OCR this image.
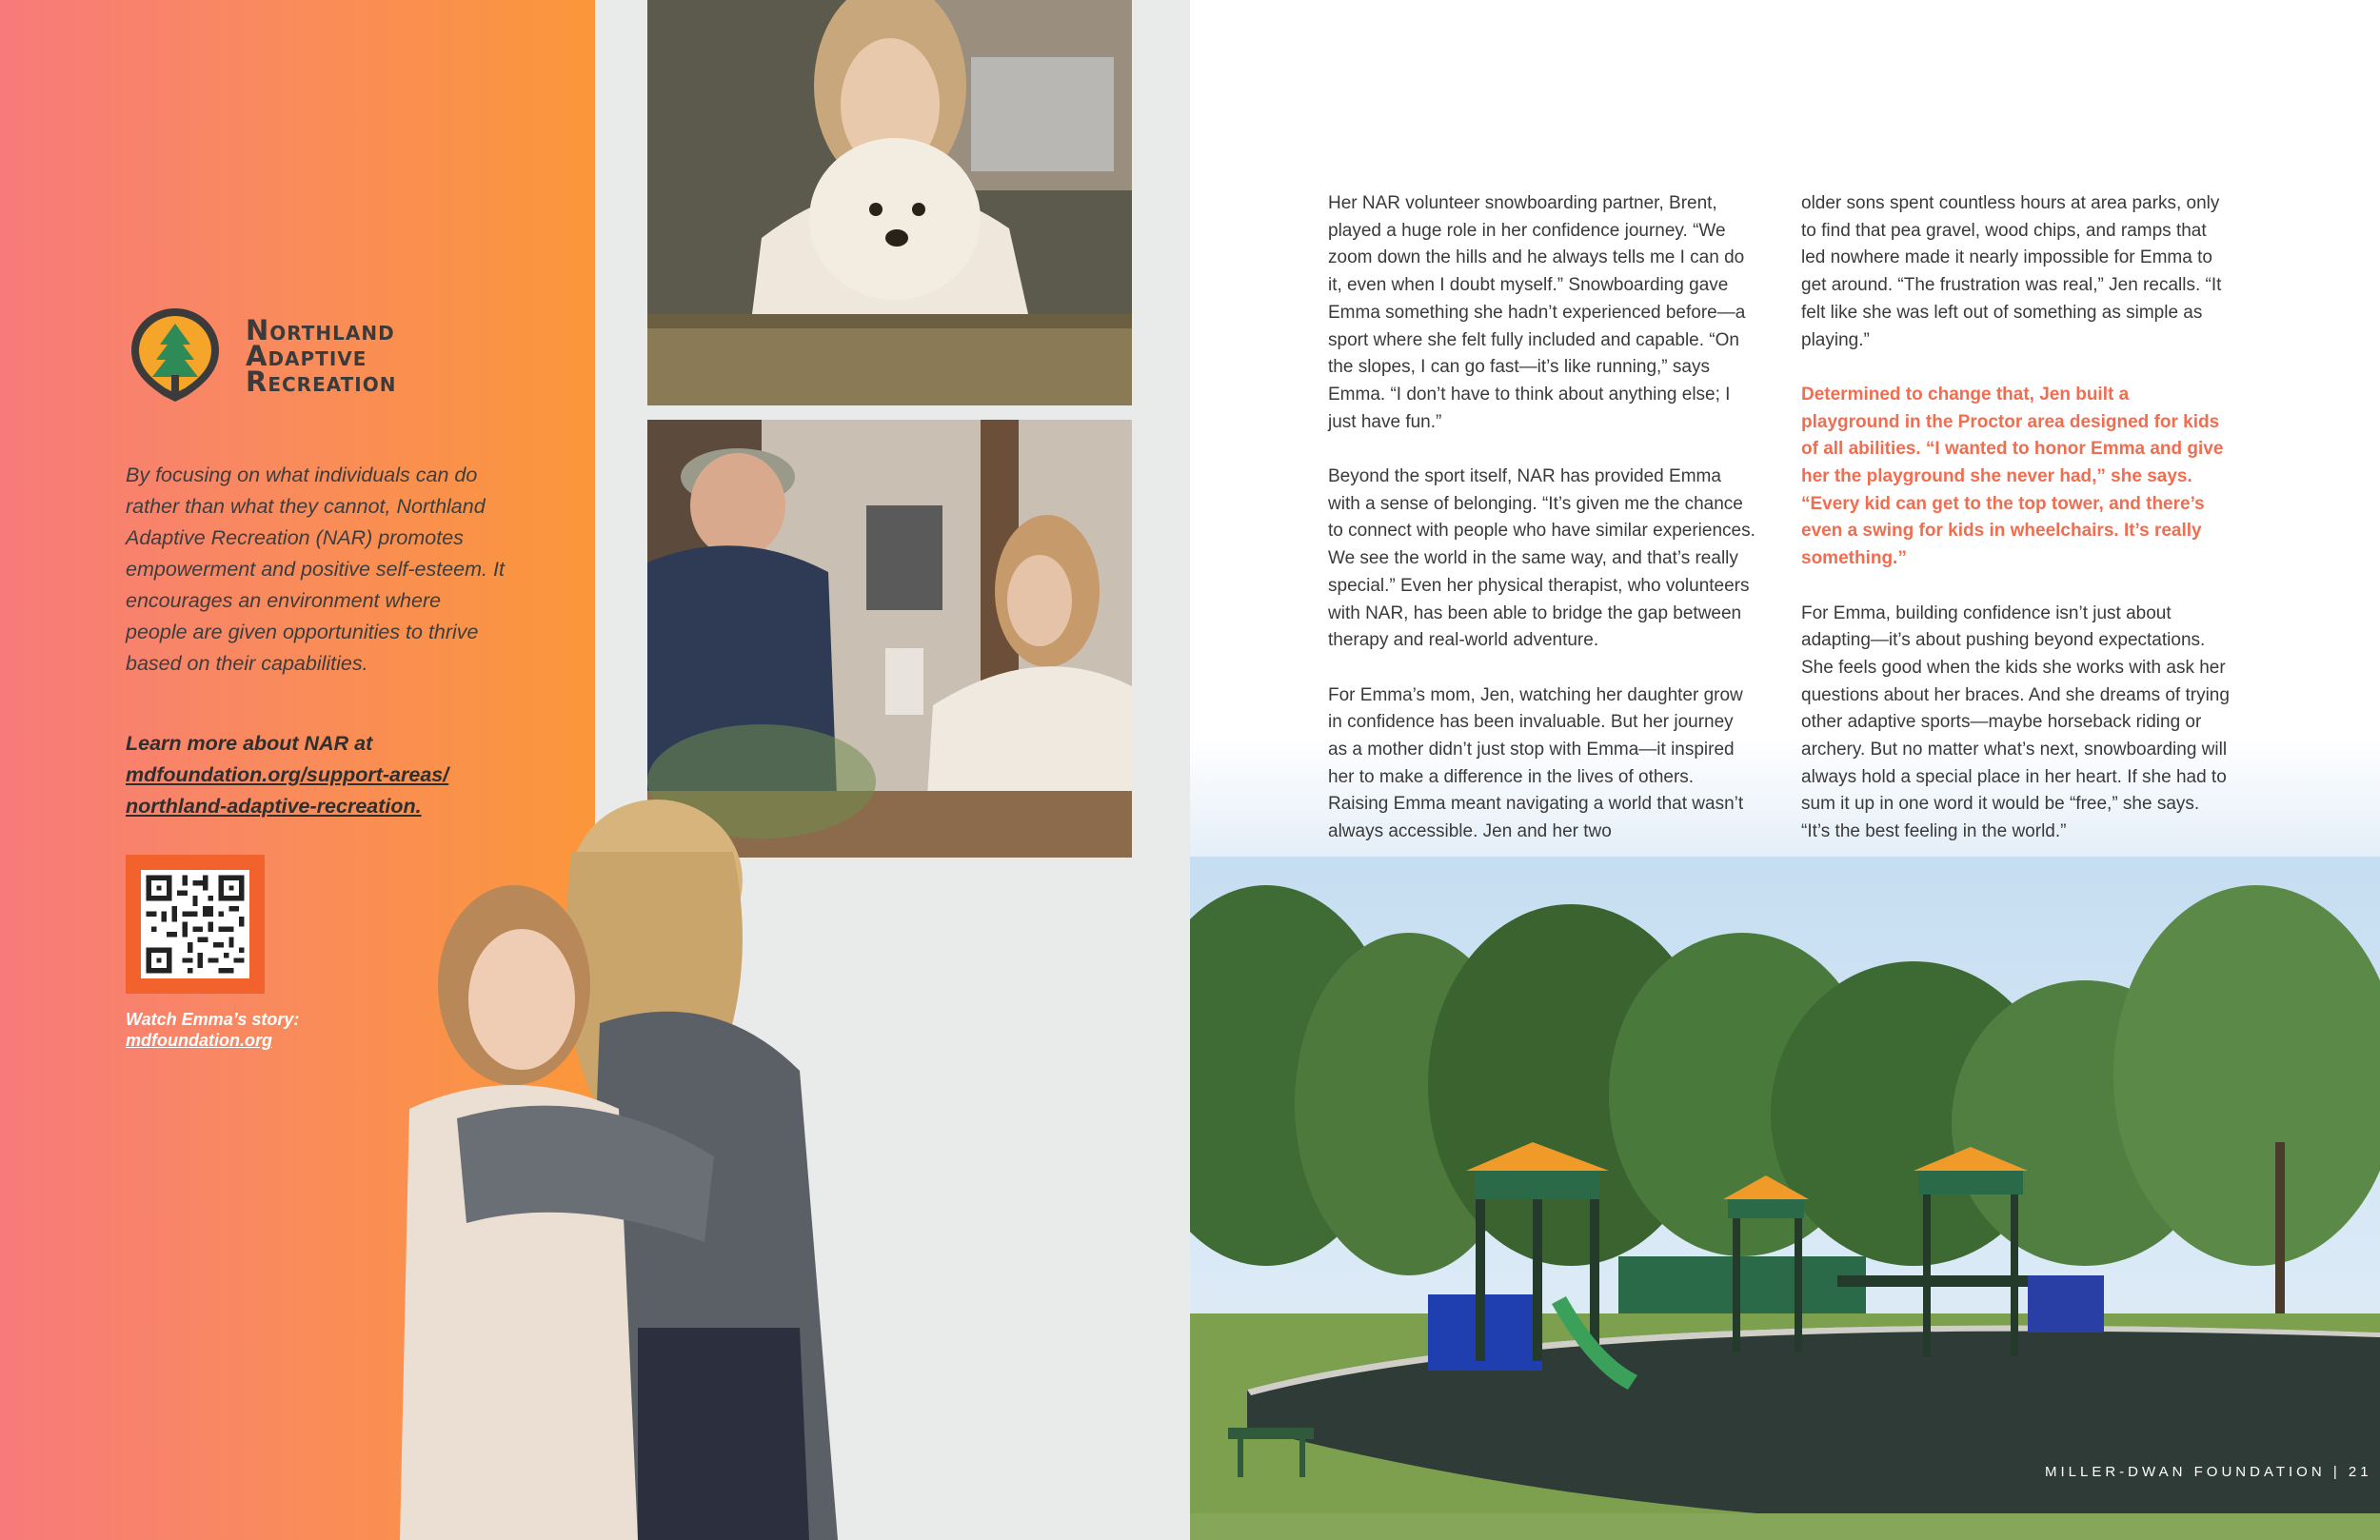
Northland
Adaptive
Recreation
By focusing on what individuals can do rather than what they cannot, Northland Adaptive Recreation (NAR) promotes empowerment and positive self-esteem. It encourages an environment where people are given opportunities to thrive based on their capabilities.
Learn more about NAR at
mdfoundation.org/support-areas/
northland-adaptive-recreation.
Watch Emma’s story:
mdfoundation.org

Her NAR volunteer snowboarding partner, Brent, played a huge role in her confidence journey. “We zoom down the hills and he always tells me I can do it, even when I doubt myself.” Snowboarding gave Emma something she hadn’t experienced before—a sport where she felt fully included and capable. “On the slopes, I can go fast—it’s like running,” says Emma. “I don’t have to think about anything else; I just have fun.”

Beyond the sport itself, NAR has provided Emma with a sense of belonging. “It’s given me the chance to connect with people who have similar experiences. We see the world in the same way, and that’s really special.” Even her physical therapist, who volunteers with NAR, has been able to bridge the gap between therapy and real-world adventure.

For Emma’s mom, Jen, watching her daughter grow in confidence has been invaluable. But her journey as a mother didn’t just stop with Emma—it inspired her to make a difference in the lives of others. Raising Emma meant navigating a world that wasn’t always accessible. Jen and her two

older sons spent countless hours at area parks, only to find that pea gravel, wood chips, and ramps that led nowhere made it nearly impossible for Emma to get around. “The frustration was real,” Jen recalls. “It felt like she was left out of something as simple as playing.”

Determined to change that, Jen built a playground in the Proctor area designed for kids of all abilities. “I wanted to honor Emma and give her the playground she never had,” she says. “Every kid can get to the top tower, and there’s even a swing for kids in wheelchairs. It’s really something.”

For Emma, building confidence isn’t just about adapting—it’s about pushing beyond expectations. She feels good when the kids she works with ask her questions about her braces. And she dreams of trying other adaptive sports—maybe horseback riding or archery. But no matter what’s next, snowboarding will always hold a special place in her heart. If she had to sum it up in one word it would be “free,” she says. “It’s the best feeling in the world.”

MILLER-DWAN FOUNDATION | 21
